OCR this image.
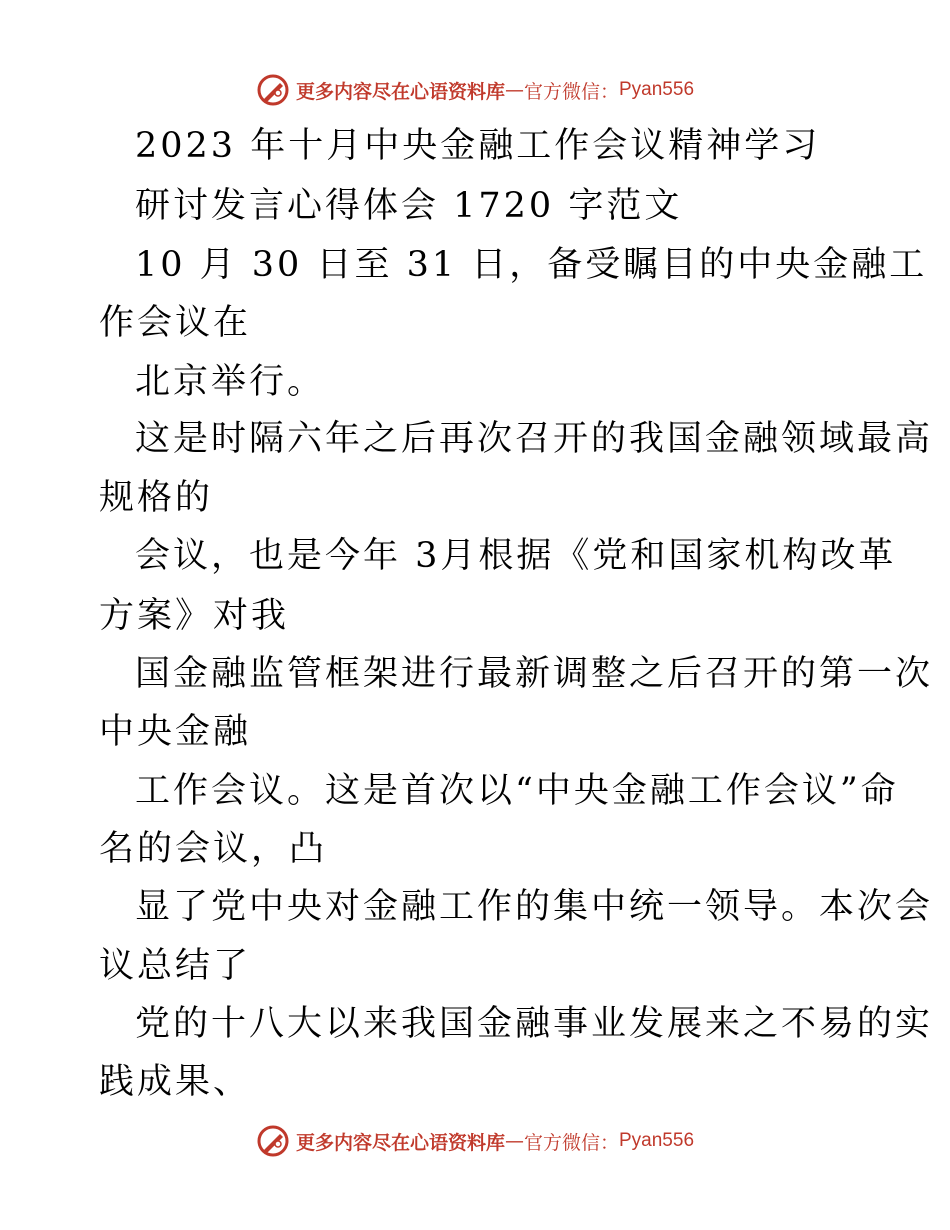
更多内容尽在心语资料库 — 官方微信： Pyan556
2023 年十月中央金融工作会议精神学习
研讨发言心得体会 1720 字范文
10 月 30 日至 31 日，备受瞩目的中央金融工
作会议在
北京举行。
这是时隔六年之后再次召开的我国金融领域最高
规格的
会议，也是今年 3月根据《党和国家机构改革
方案》对我
国金融监管框架进行最新调整之后召开的第一次
中央金融
工作会议。这是首次以“中央金融工作会议”命
名的会议，凸
显了党中央对金融工作的集中统一领导。本次会
议总结了
党的十八大以来我国金融事业发展来之不易的实
践成果、
更多内容尽在心语资料库 — 官方微信： Pyan556
